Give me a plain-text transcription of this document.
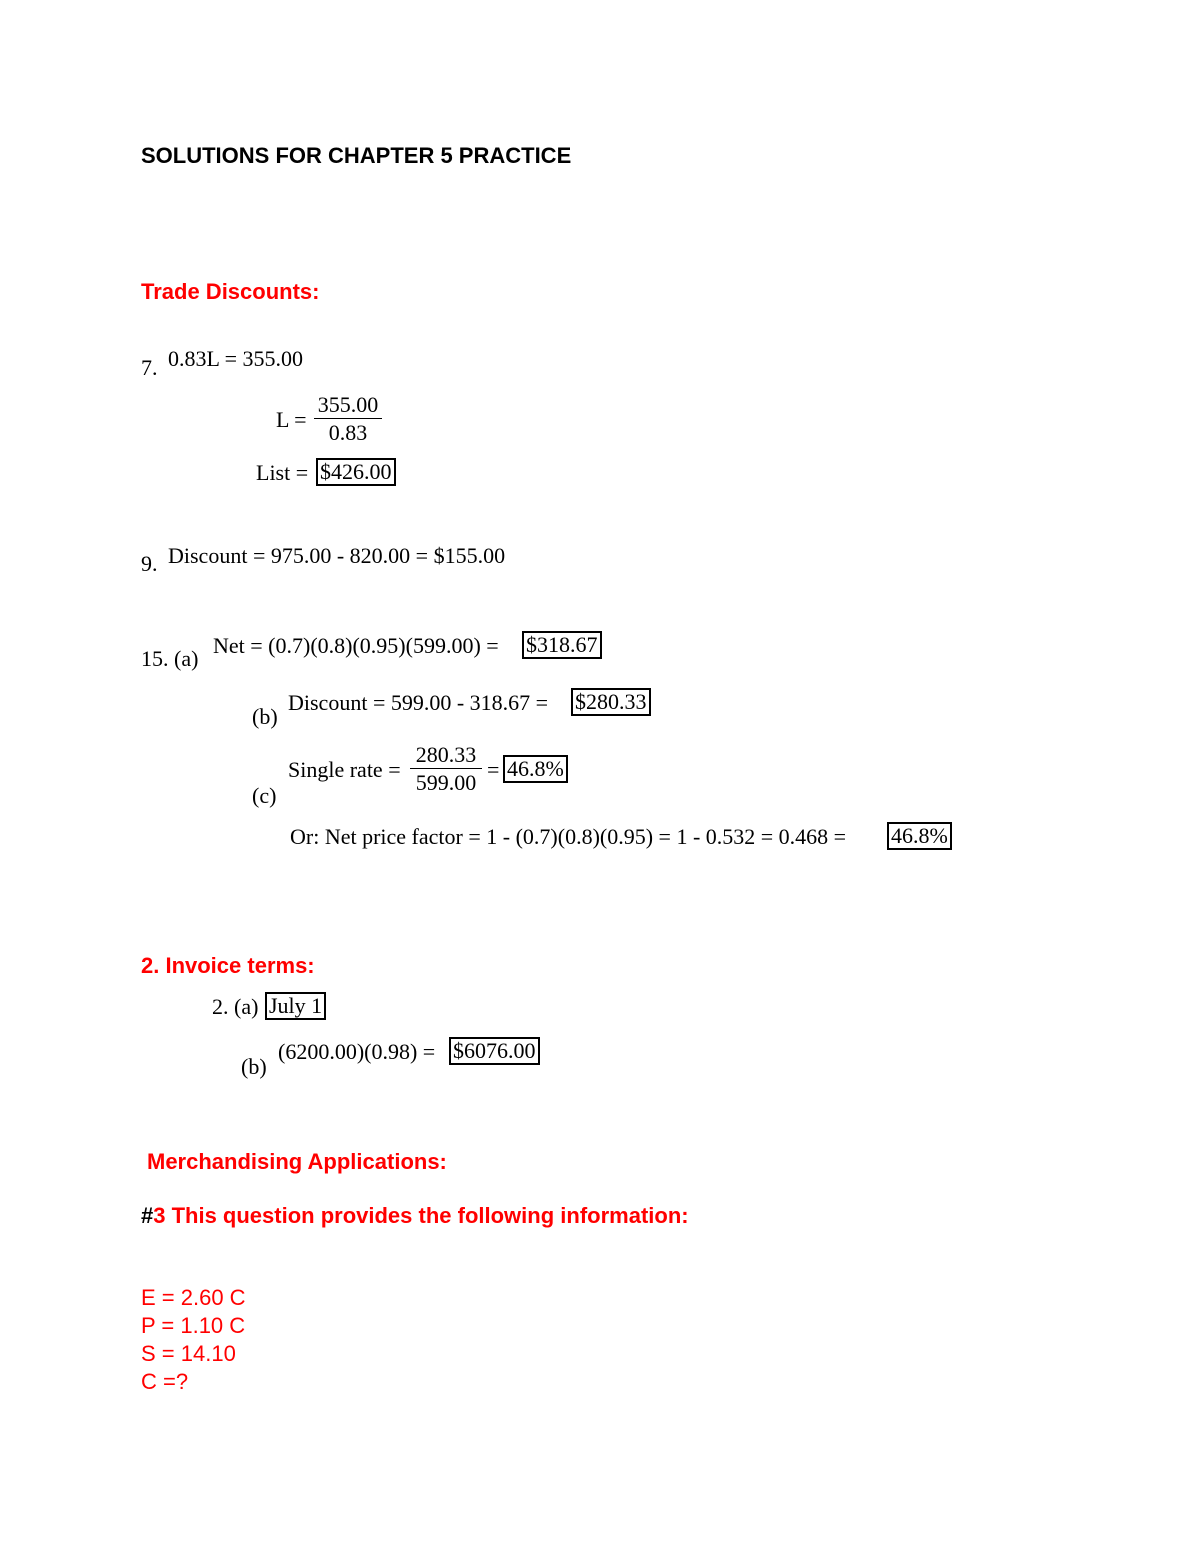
SOLUTIONS FOR CHAPTER 5 PRACTICE
Trade Discounts:
7. 0.83L = 355.00
$L = \frac{355.00}{0.83}$
List = $426.00
9. Discount = 975.00 - 820.00 = $155.00
15. (a)
Net = (0.7)(0.8)(0.95)(599.00) = $318.67
(b)
Discount = 599.00 - 318.67 = $280.33
(c)
Single rate = $\frac{280.33}{599.00} = 46.8\%$
Or: Net price factor = 1 - (0.7)(0.8)(0.95) = 1 - 0.532 = 0.468 = 46.8%
2. Invoice terms:
2. (a) July 1
(b)
(6200.00)(0.98) = $6076.00
Merchandising Applications:
#3 This question provides the following information:
E = 2.60 C
P = 1.10 C
S = 14.10
C =?
